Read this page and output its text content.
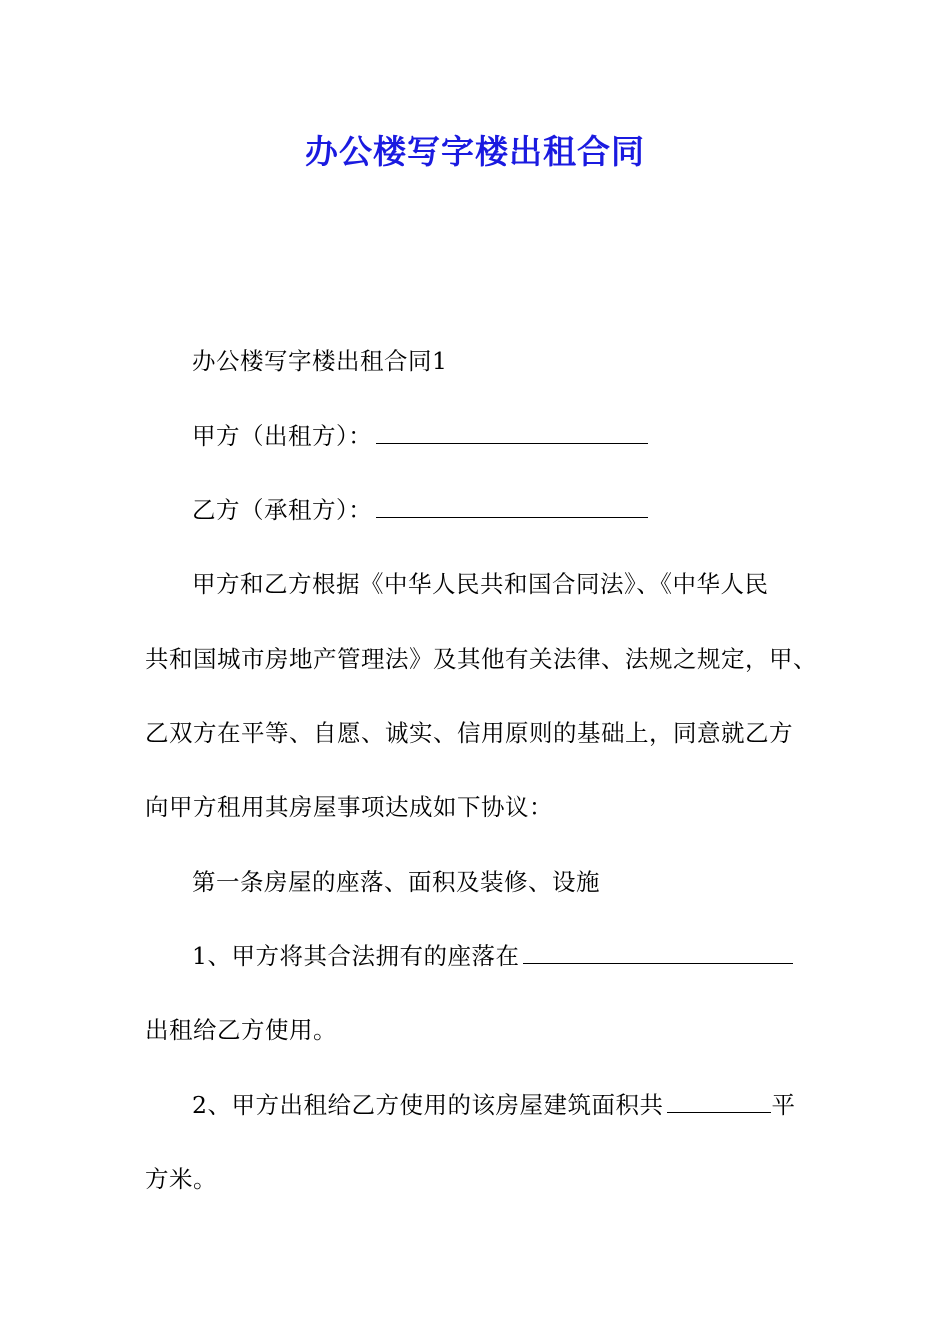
办公楼写字楼出租合同
办公楼写字楼出租合同1
甲方（出租方）：
乙方（承租方）：
甲方和乙方根据《中华人民共和国合同法》、《中华人民
共和国城市房地产管理法》及其他有关法律、法规之规定，甲、
乙双方在平等、自愿、诚实、信用原则的基础上，同意就乙方
向甲方租用其房屋事项达成如下协议：
第一条房屋的座落、面积及装修、设施
1、甲方将其合法拥有的座落在
出租给乙方使用。
2、甲方出租给乙方使用的该房屋建筑面积共	平
方米。
